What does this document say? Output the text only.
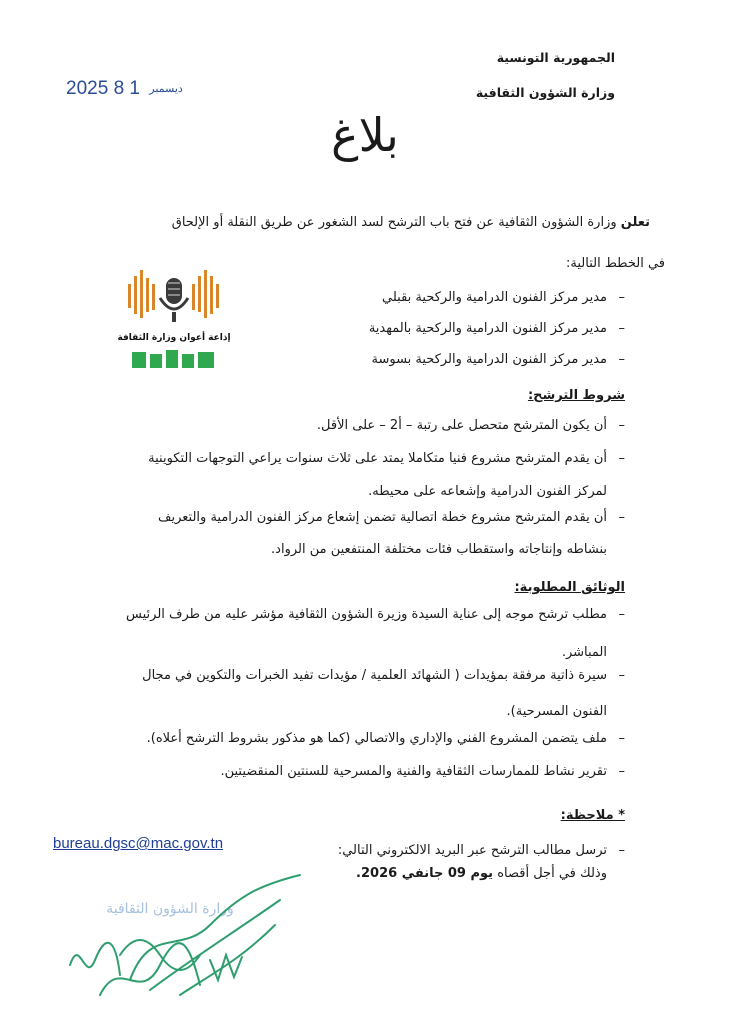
الجمهورية التونسية
وزارة الشؤون الثقافية
2025	ديسمبر 1 8
بلاغ
تعلن وزارة الشؤون الثقافية عن فتح باب الترشح لسد الشغور عن طريق النقلة أو الإلحاق
في الخطط التالية:
إذاعة أعوان وزارة الثقافة
–مدير مركز الفنون الدرامية والركحية بقبلي
–مدير مركز الفنون الدرامية والركحية بالمهدية
–مدير مركز الفنون الدرامية والركحية بسوسة
شروط الترشح:
–أن يكون المترشح متحصل على رتبة – أ2 – على الأقل.
–أن يقدم المترشح مشروع فنيا متكاملا يمتد على ثلاث سنوات يراعي التوجهات التكوينية
لمركز الفنون الدرامية وإشعاعه على محيطه.
–أن يقدم المترشح مشروع خطة اتصالية تضمن إشعاع مركز الفنون الدرامية والتعريف
بنشاطه وإنتاجاته واستقطاب فئات مختلفة المنتفعين من الرواد.
الوثائق المطلوبة:
–مطلب ترشح موجه إلى عناية السيدة وزيرة الشؤون الثقافية مؤشر عليه من طرف الرئيس
المباشر.
–سيرة ذاتية مرفقة بمؤيدات ( الشهائد العلمية / مؤيدات تفيد الخبرات والتكوين في مجال
الفنون المسرحية).
–ملف يتضمن المشروع الفني والإداري والاتصالي (كما هو مذكور بشروط الترشح أعلاه).
–تقرير نشاط للممارسات الثقافية والفنية والمسرحية للسنتين المنقضيتين.
* ملاحظة:
–ترسل مطالب الترشح عبر البريد الالكتروني التالي:
bureau.dgsc@mac.gov.tn
وذلك في أجل أقصاه يوم 09 جانفي 2026.
وزارة الشؤون الثقافية
